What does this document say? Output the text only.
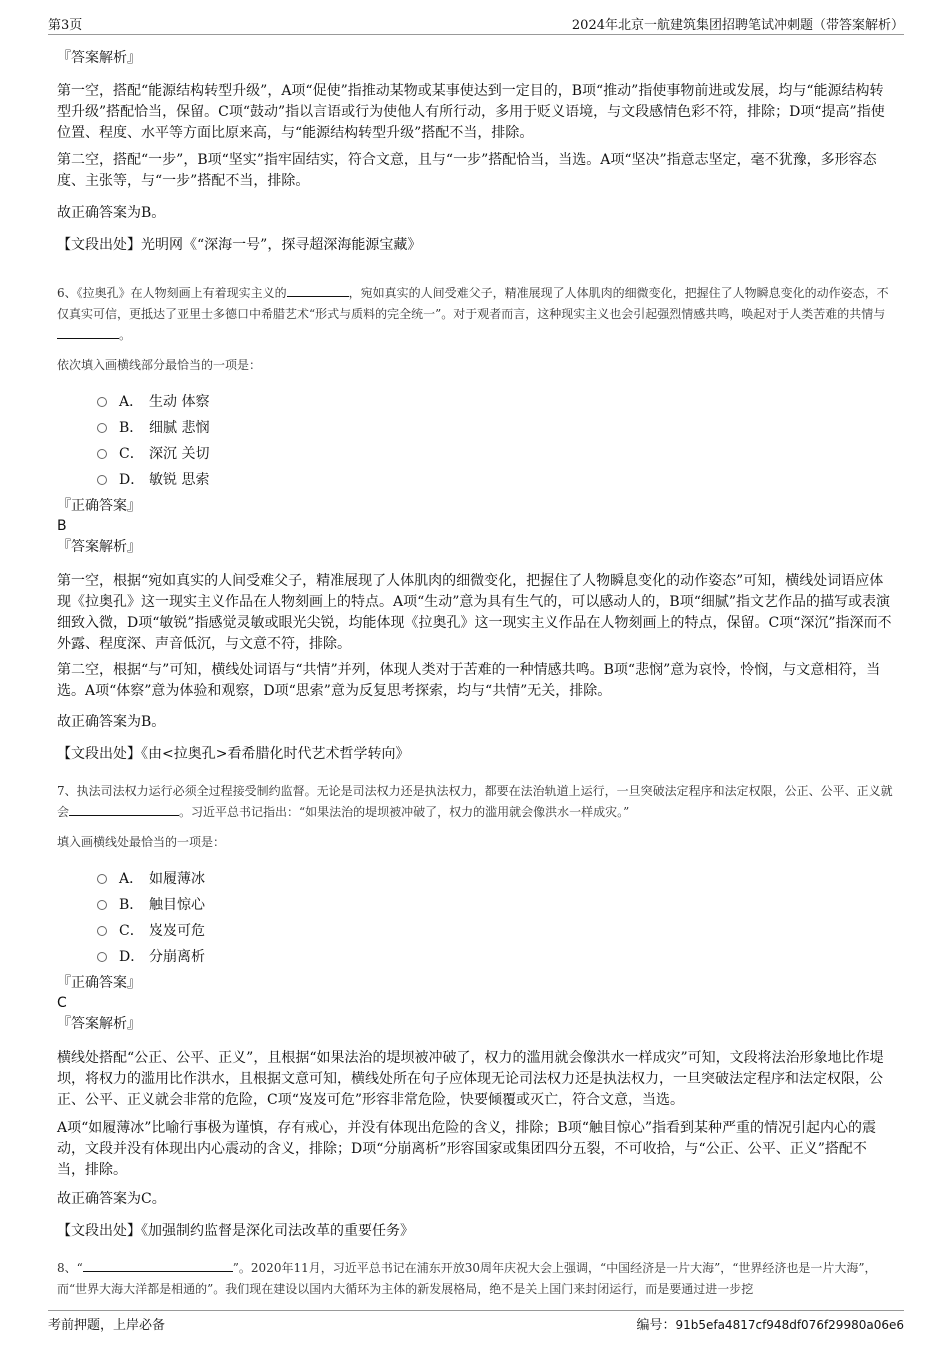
第3页	2024年北京一航建筑集团招聘笔试冲刺题（带答案解析）
『答案解析』
第一空，搭配“能源结构转型升级”，A项“促使”指推动某物或某事使达到一定目的，B项“推动”指使事物前进或发展，均与“能源结构转型升级”搭配恰当，保留。C项“鼓动”指以言语或行为使他人有所行动，多用于贬义语境，与文段感情色彩不符，排除；D项“提高”指使位置、程度、水平等方面比原来高，与“能源结构转型升级”搭配不当，排除。
第二空，搭配“一步”，B项“坚实”指牢固结实，符合文意，且与“一步”搭配恰当，当选。A项“坚决”指意志坚定，毫不犹豫，多形容态度、主张等，与“一步”搭配不当，排除。
故正确答案为B。
【文段出处】光明网《“深海一号”，探寻超深海能源宝藏》
6、《拉奥孔》在人物刻画上有着现实主义的	，宛如真实的人间受难父子，精准展现了人体肌肉的细微变化，把握住了人物瞬息变化的动作姿态，不仅真实可信，更抵达了亚里士多德口中希腊艺术“形式与质料的完全统一”。对于观者而言，这种现实主义也会引起强烈情感共鸣，唤起对于人类苦难的共情与。
依次填入画横线部分最恰当的一项是：
A． 生动 体察
B． 细腻 悲悯
C． 深沉 关切
D． 敏锐 思索
『正确答案』
B
『答案解析』
第一空，根据“宛如真实的人间受难父子，精准展现了人体肌肉的细微变化，把握住了人物瞬息变化的动作姿态”可知，横线处词语应体现《拉奥孔》这一现实主义作品在人物刻画上的特点。A项“生动”意为具有生气的，可以感动人的，B项“细腻”指文艺作品的描写或表演细致入微，D项“敏锐”指感觉灵敏或眼光尖锐，均能体现《拉奥孔》这一现实主义作品在人物刻画上的特点，保留。C项“深沉”指深而不外露、程度深、声音低沉，与文意不符，排除。
第二空，根据“与”可知，横线处词语与“共情”并列，体现人类对于苦难的一种情感共鸣。B项“悲悯”意为哀怜，怜悯，与文意相符，当选。A项“体察”意为体验和观察，D项“思索”意为反复思考探索，均与“共情”无关，排除。
故正确答案为B。
【文段出处】《由<拉奥孔>看希腊化时代艺术哲学转向》
7、执法司法权力运行必须全过程接受制约监督。无论是司法权力还是执法权力，都要在法治轨道上运行，一旦突破法定程序和法定权限，公正、公平、正义就会	。习近平总书记指出：“如果法治的堤坝被冲破了，权力的滥用就会像洪水一样成灾。”
填入画横线处最恰当的一项是：
A． 如履薄冰
B． 触目惊心
C． 岌岌可危
D． 分崩离析
『正确答案』
C
『答案解析』
横线处搭配“公正、公平、正义”，且根据“如果法治的堤坝被冲破了，权力的滥用就会像洪水一样成灾”可知，文段将法治形象地比作堤坝，将权力的滥用比作洪水，且根据文意可知，横线处所在句子应体现无论司法权力还是执法权力，一旦突破法定程序和法定权限，公正、公平、正义就会非常的危险，C项“岌岌可危”形容非常危险，快要倾覆或灭亡，符合文意，当选。
A项“如履薄冰”比喻行事极为谨慎，存有戒心，并没有体现出危险的含义，排除；B项“触目惊心”指看到某种严重的情况引起内心的震动，文段并没有体现出内心震动的含义，排除；D项“分崩离析”形容国家或集团四分五裂，不可收拾，与“公正、公平、正义”搭配不当，排除。
故正确答案为C。
【文段出处】《加强制约监督是深化司法改革的重要任务》
8、“	”。2020年11月，习近平总书记在浦东开放30周年庆祝大会上强调，“中国经济是一片大海”，“世界经济也是一片大海”，而“世界大海大洋都是相通的”。我们现在建设以国内大循环为主体的新发展格局，绝不是关上国门来封闭运行，而是要通过进一步挖
考前押题，上岸必备	编号：91b5efa4817cf948df076f29980a06e6
